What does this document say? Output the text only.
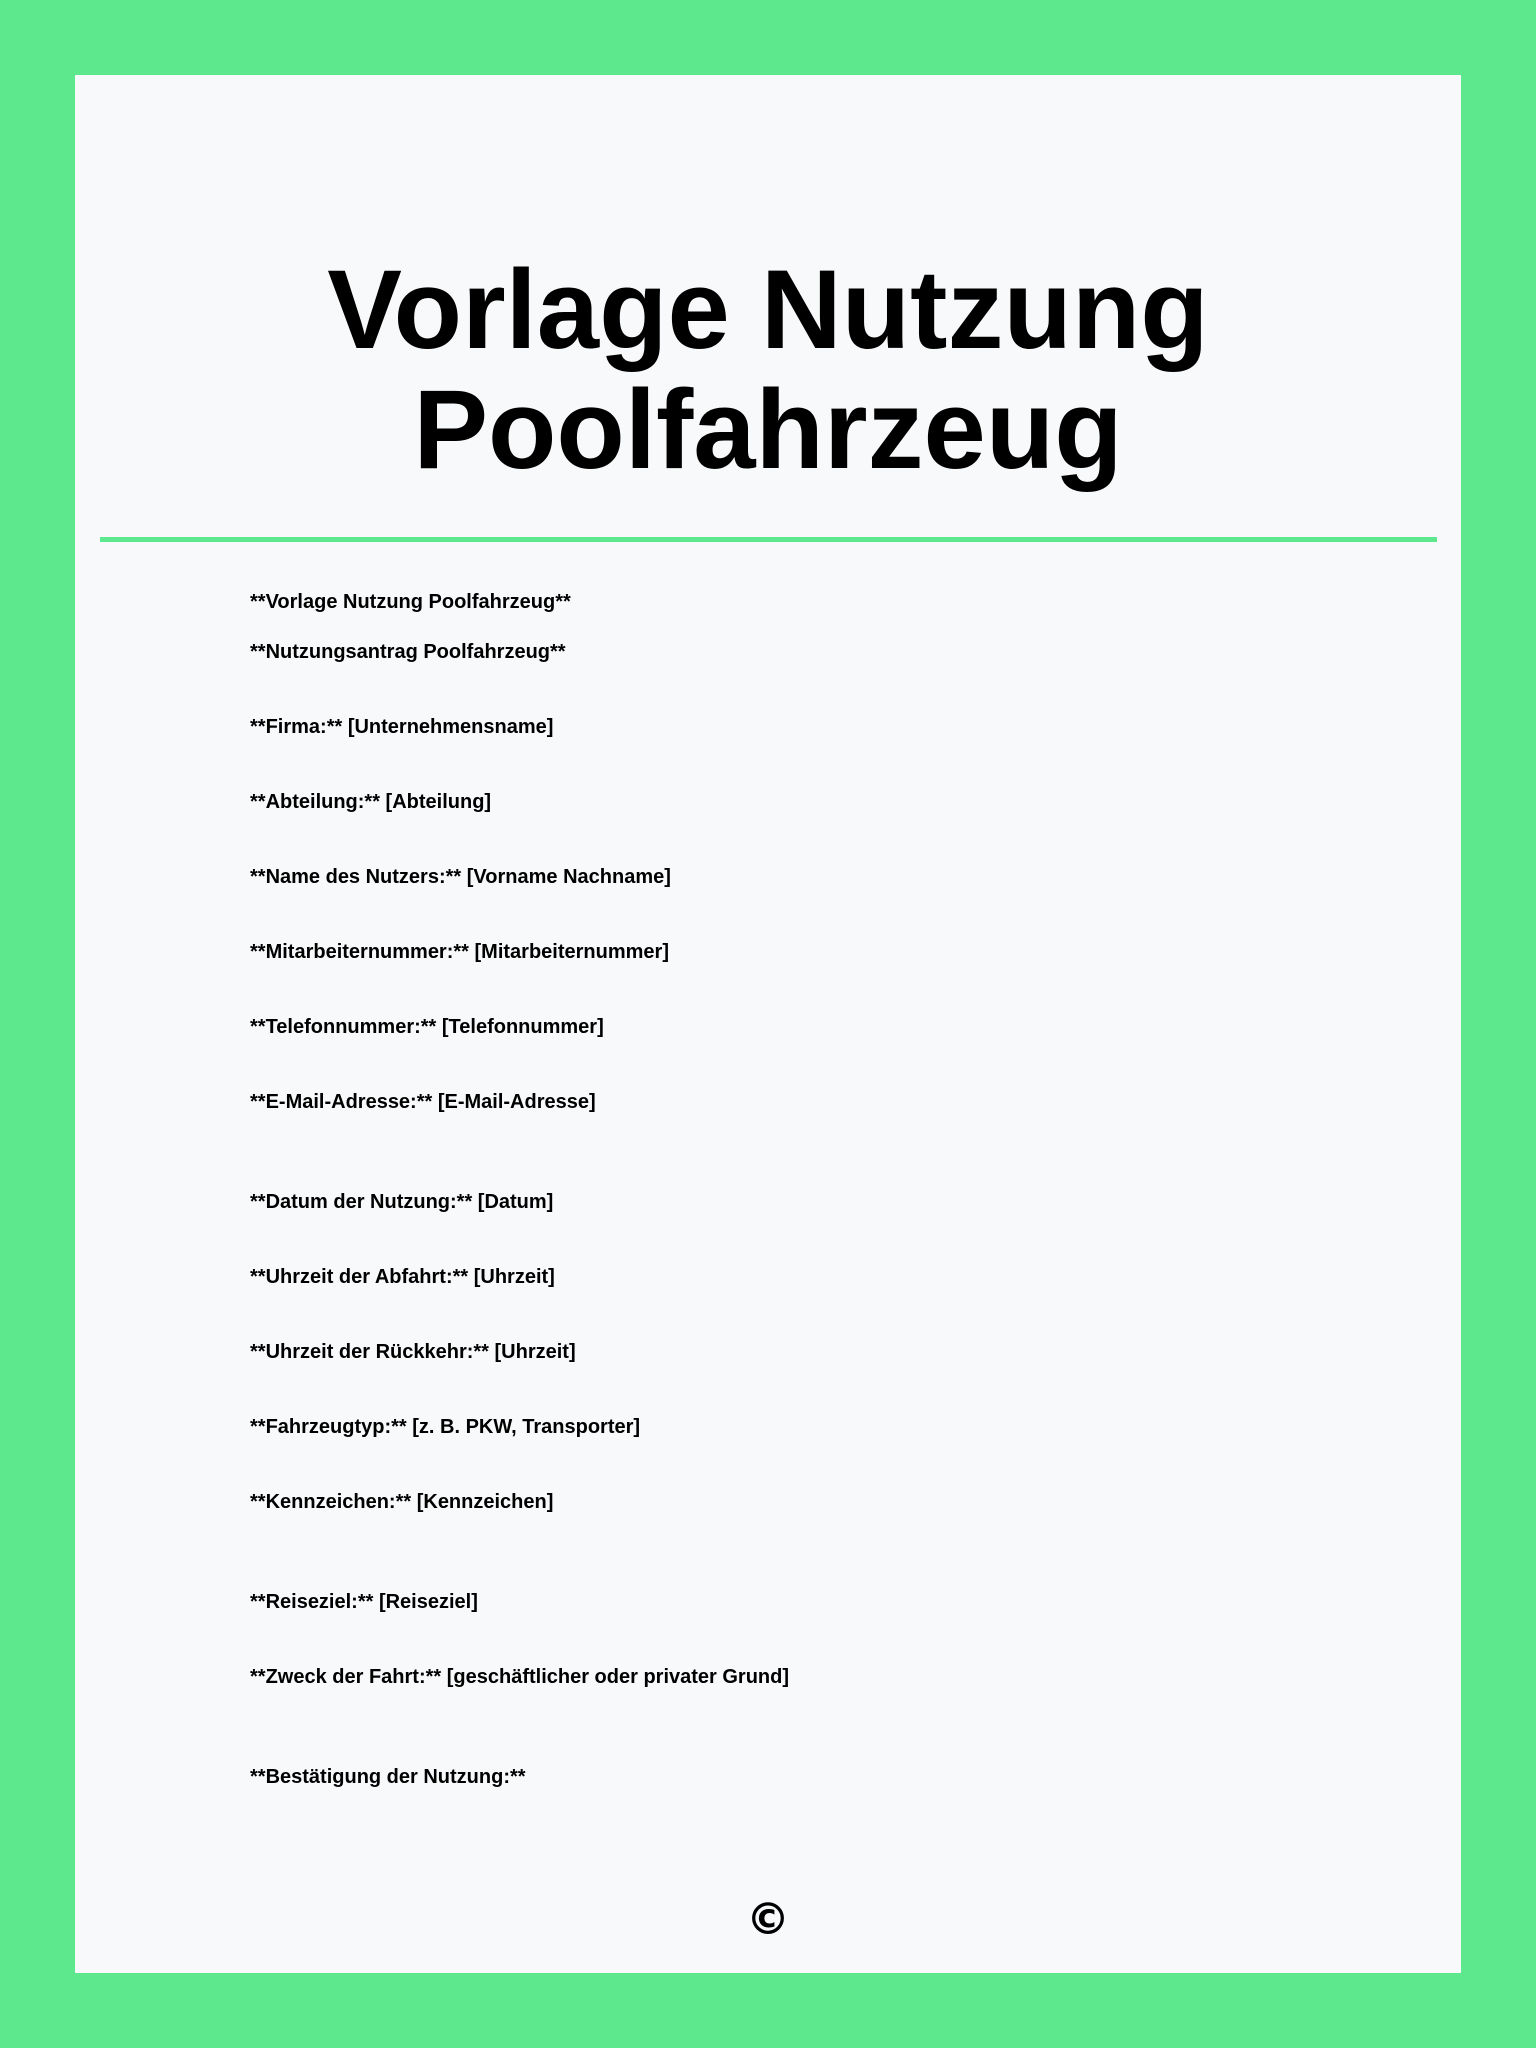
Vorlage Nutzung
Poolfahrzeug

**Vorlage Nutzung Poolfahrzeug**

**Nutzungsantrag Poolfahrzeug**

**Firma:** [Unternehmensname]

**Abteilung:** [Abteilung]

**Name des Nutzers:** [Vorname Nachname]

**Mitarbeiternummer:** [Mitarbeiternummer]

**Telefonnummer:** [Telefonnummer]

**E-Mail-Adresse:** [E-Mail-Adresse]

**Datum der Nutzung:** [Datum]

**Uhrzeit der Abfahrt:** [Uhrzeit]

**Uhrzeit der Rückkehr:** [Uhrzeit]

**Fahrzeugtyp:** [z. B. PKW, Transporter]

**Kennzeichen:** [Kennzeichen]

**Reiseziel:** [Reiseziel]

**Zweck der Fahrt:** [geschäftlicher oder privater Grund]

**Bestätigung der Nutzung:**

©
